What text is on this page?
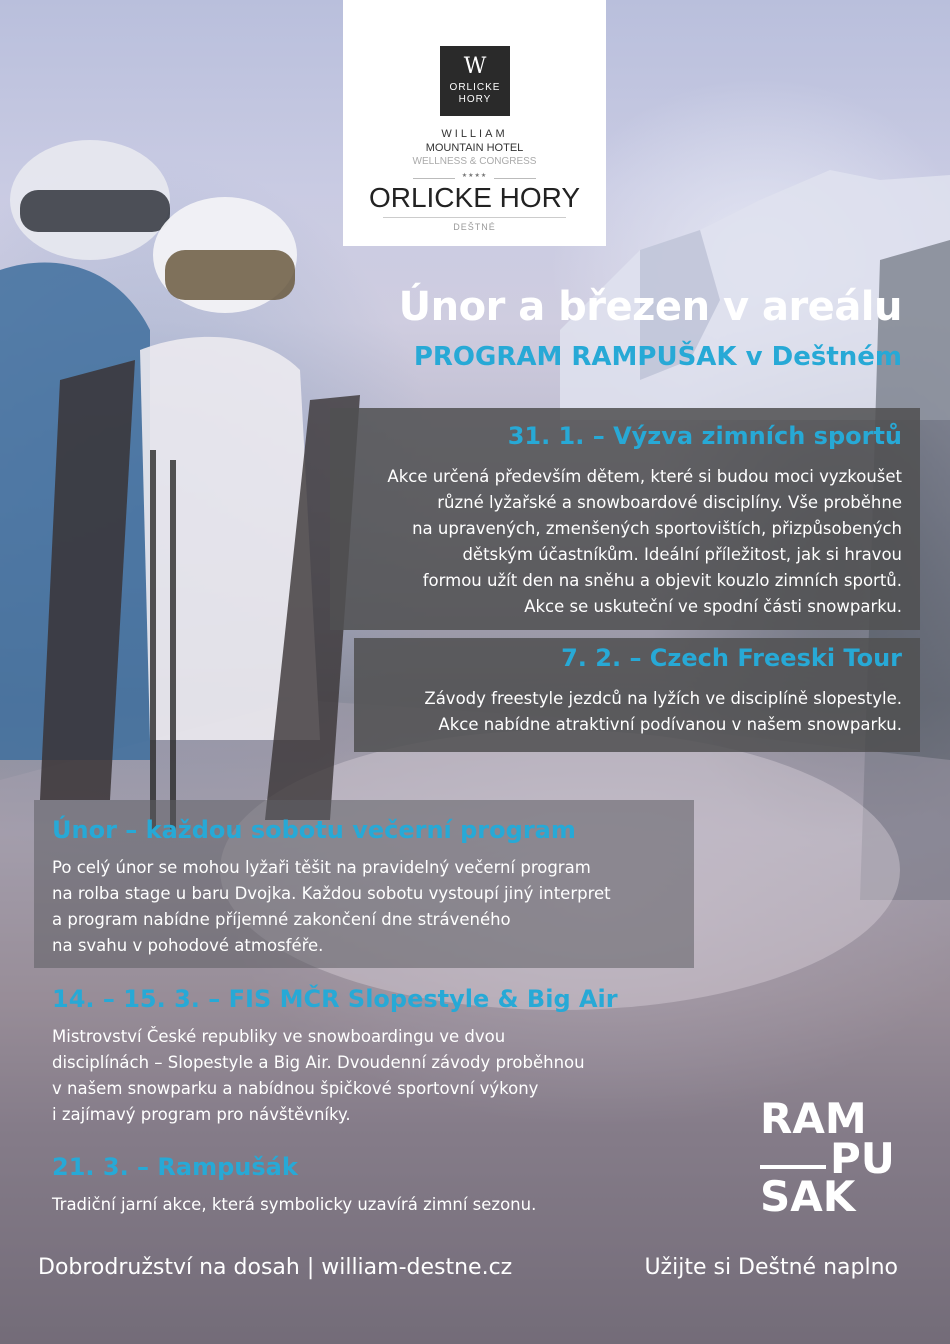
W
ORLICKE
HORY
WILLIAM
MOUNTAIN HOTEL
WELLNESS & CONGRESS
★★★★
ORLICKE HORY
DEŠTNÉ
Únor a březen v areálu
PROGRAM RAMPUŠAK v Deštném
31. 1. – Výzva zimních sportů
Akce určená především dětem, které si budou moci vyzkoušet
různé lyžařské a snowboardové disciplíny. Vše proběhne
na upravených, zmenšených sportovištích, přizpůsobených
dětským účastníkům. Ideální příležitost, jak si hravou
formou užít den na sněhu a objevit kouzlo zimních sportů.
Akce se uskuteční ve spodní části snowparku.
7. 2. – Czech Freeski Tour
Závody freestyle jezdců na lyžích ve disciplíně slopestyle.
Akce nabídne atraktivní podívanou v našem snowparku.
Únor – každou sobotu večerní program
Po celý únor se mohou lyžaři těšit na pravidelný večerní program
na rolba stage u baru Dvojka. Každou sobotu vystoupí jiný interpret
a program nabídne příjemné zakončení dne stráveného
na svahu v pohodové atmosféře.
14. – 15. 3. – FIS MČR Slopestyle & Big Air
Mistrovství České republiky ve snowboardingu ve dvou
disciplínách – Slopestyle a Big Air. Dvoudenní závody proběhnou
v našem snowparku a nabídnou špičkové sportovní výkony
i zajímavý program pro návštěvníky.
21. 3. – Rampušák
Tradiční jarní akce, která symbolicky uzavírá zimní sezonu.
RAM
PU
SAK
Dobrodružství na dosah | william-destne.cz	Užijte si Deštné naplno
